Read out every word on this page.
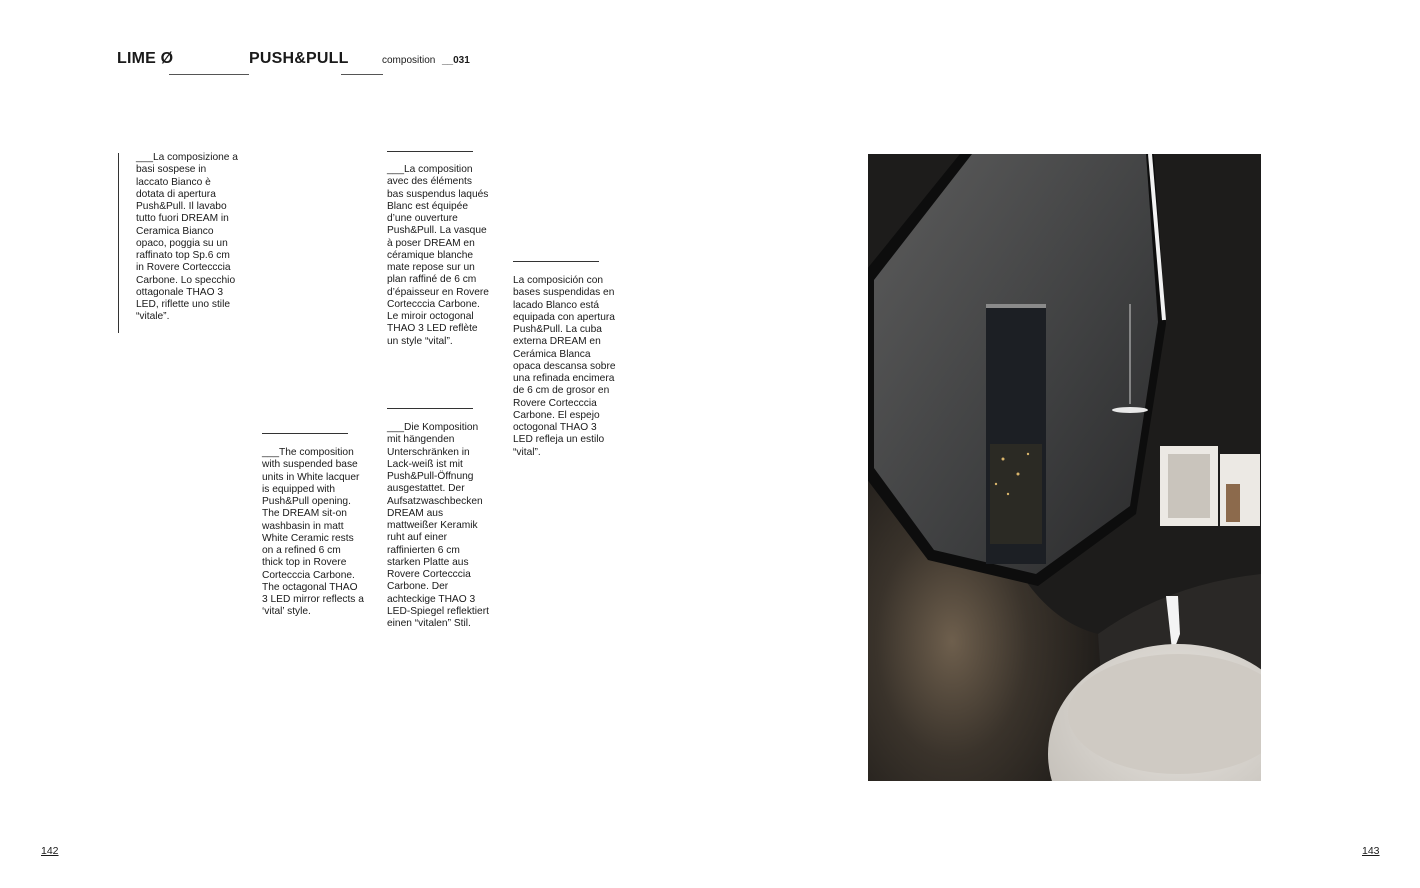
LIME Ø	PUSH&PULL	composition __031
___La composizione a basi sospese in laccato Bianco è dotata di apertura Push&Pull. Il lavabo tutto fuori DREAM in Ceramica Bianco opaco, poggia su un raffinato top Sp.6 cm in Rovere Cortecccia Carbone. Lo specchio ottagonale THAO 3 LED, riflette uno stile “vitale”.
___La composition avec des éléments bas suspendus laqués Blanc est équipée d’une ouverture Push&Pull. La vasque à poser DREAM en céramique blanche mate repose sur un plan raffiné de 6 cm d’épaisseur en Rovere Cortecccia Carbone. Le miroir octogonal THAO 3 LED reflète un style “vital”.
La composición con bases suspendidas en lacado Blanco está equipada con apertura Push&Pull. La cuba externa DREAM en Cerámica Blanca opaca descansa sobre una refinada encimera de 6 cm de grosor en Rovere Cortecccia Carbone. El espejo octogonal THAO 3 LED refleja un estilo “vital”.
___The composition with suspended base units in White lacquer is equipped with Push&Pull opening. The DREAM sit-on washbasin in matt White Ceramic rests on a refined 6 cm thick top in Rovere Cortecccia Carbone. The octagonal THAO 3 LED mirror reflects a ‘vital’ style.
___Die Komposition mit hängenden Unterschränken in Lack-weiß ist mit Push&Pull-Öffnung ausgestattet. Der Aufsatzwaschbecken DREAM aus mattweißer Keramik ruht auf einer raffinierten 6 cm starken Platte aus Rovere Cortecccia Carbone. Der achteckige THAO 3 LED-Spiegel reflektiert einen “vitalen” Stil.
142	143
